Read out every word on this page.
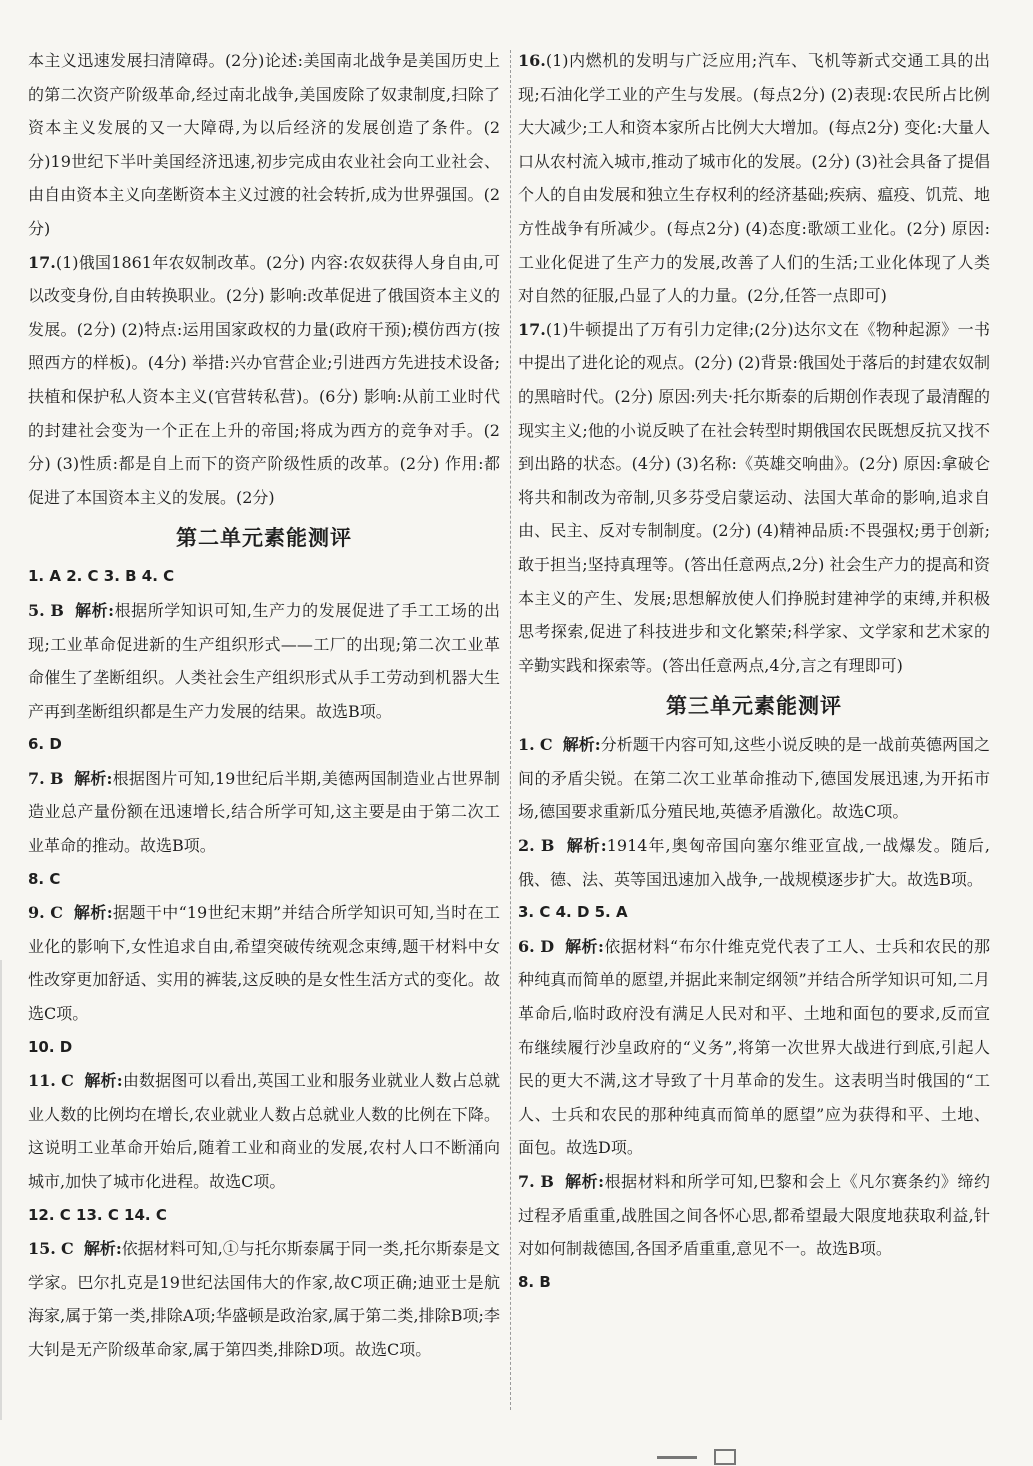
本主义迅速发展扫清障碍。(2分)论述:美国南北战争是美国历史上的第二次资产阶级革命,经过南北战争,美国废除了奴隶制度,扫除了资本主义发展的又一大障碍,为以后经济的发展创造了条件。(2分)19世纪下半叶美国经济迅速,初步完成由农业社会向工业社会、由自由资本主义向垄断资本主义过渡的社会转折,成为世界强国。(2分)

17.(1)俄国1861年农奴制改革。(2分) 内容:农奴获得人身自由,可以改变身份,自由转换职业。(2分) 影响:改革促进了俄国资本主义的发展。(2分) (2)特点:运用国家政权的力量(政府干预);模仿西方(按照西方的样板)。(4分) 举措:兴办官营企业;引进西方先进技术设备;扶植和保护私人资本主义(官营转私营)。(6分) 影响:从前工业时代的封建社会变为一个正在上升的帝国;将成为西方的竞争对手。(2分) (3)性质:都是自上而下的资产阶级性质的改革。(2分) 作用:都促进了本国资本主义的发展。(2分)

第二单元素能测评

1. A 2. C 3. B 4. C

5. B 解析:根据所学知识可知,生产力的发展促进了手工工场的出现;工业革命促进新的生产组织形式——工厂的出现;第二次工业革命催生了垄断组织。人类社会生产组织形式从手工劳动到机器大生产再到垄断组织都是生产力发展的结果。故选B项。

6. D

7. B 解析:根据图片可知,19世纪后半期,美德两国制造业占世界制造业总产量份额在迅速增长,结合所学可知,这主要是由于第二次工业革命的推动。故选B项。

8. C

9. C 解析:据题干中“19世纪末期”并结合所学知识可知,当时在工业化的影响下,女性追求自由,希望突破传统观念束缚,题干材料中女性改穿更加舒适、实用的裤装,这反映的是女性生活方式的变化。故选C项。

10. D

11. C 解析:由数据图可以看出,英国工业和服务业就业人数占总就业人数的比例均在增长,农业就业人数占总就业人数的比例在下降。这说明工业革命开始后,随着工业和商业的发展,农村人口不断涌向城市,加快了城市化进程。故选C项。

12. C 13. C 14. C

15. C 解析:依据材料可知,①与托尔斯泰属于同一类,托尔斯泰是文学家。巴尔扎克是19世纪法国伟大的作家,故C项正确;迪亚士是航海家,属于第一类,排除A项;华盛顿是政治家,属于第二类,排除B项;李大钊是无产阶级革命家,属于第四类,排除D项。故选C项。

16.(1)内燃机的发明与广泛应用;汽车、飞机等新式交通工具的出现;石油化学工业的产生与发展。(每点2分) (2)表现:农民所占比例大大减少;工人和资本家所占比例大大增加。(每点2分) 变化:大量人口从农村流入城市,推动了城市化的发展。(2分) (3)社会具备了提倡个人的自由发展和独立生存权利的经济基础;疾病、瘟疫、饥荒、地方性战争有所减少。(每点2分) (4)态度:歌颂工业化。(2分) 原因:工业化促进了生产力的发展,改善了人们的生活;工业化体现了人类对自然的征服,凸显了人的力量。(2分,任答一点即可)

17.(1)牛顿提出了万有引力定律;(2分)达尔文在《物种起源》一书中提出了进化论的观点。(2分) (2)背景:俄国处于落后的封建农奴制的黑暗时代。(2分) 原因:列夫·托尔斯泰的后期创作表现了最清醒的现实主义;他的小说反映了在社会转型时期俄国农民既想反抗又找不到出路的状态。(4分) (3)名称:《英雄交响曲》。(2分) 原因:拿破仑将共和制改为帝制,贝多芬受启蒙运动、法国大革命的影响,追求自由、民主、反对专制制度。(2分) (4)精神品质:不畏强权;勇于创新;敢于担当;坚持真理等。(答出任意两点,2分) 社会生产力的提高和资本主义的产生、发展;思想解放使人们挣脱封建神学的束缚,并积极思考探索,促进了科技进步和文化繁荣;科学家、文学家和艺术家的辛勤实践和探索等。(答出任意两点,4分,言之有理即可)

第三单元素能测评

1. C 解析:分析题干内容可知,这些小说反映的是一战前英德两国之间的矛盾尖锐。在第二次工业革命推动下,德国发展迅速,为开拓市场,德国要求重新瓜分殖民地,英德矛盾激化。故选C项。

2. B 解析:1914年,奥匈帝国向塞尔维亚宣战,一战爆发。随后,俄、德、法、英等国迅速加入战争,一战规模逐步扩大。故选B项。

3. C 4. D 5. A

6. D 解析:依据材料“布尔什维克党代表了工人、士兵和农民的那种纯真而简单的愿望,并据此来制定纲领”并结合所学知识可知,二月革命后,临时政府没有满足人民对和平、土地和面包的要求,反而宣布继续履行沙皇政府的“义务”,将第一次世界大战进行到底,引起人民的更大不满,这才导致了十月革命的发生。这表明当时俄国的“工人、士兵和农民的那种纯真而简单的愿望”应为获得和平、土地、面包。故选D项。

7. B 解析:根据材料和所学可知,巴黎和会上《凡尔赛条约》缔约过程矛盾重重,战胜国之间各怀心思,都希望最大限度地获取利益,针对如何制裁德国,各国矛盾重重,意见不一。故选B项。

8. B
